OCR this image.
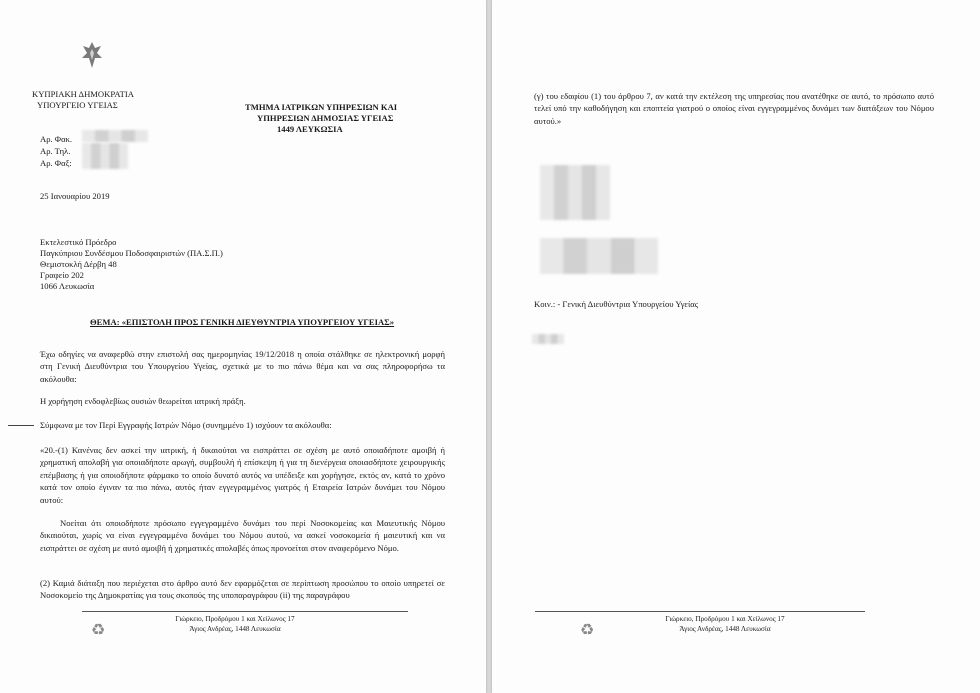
ΚΥΠΡΙΑΚΗ ΔΗΜΟΚΡΑΤΙΑ
ΥΠΟΥΡΓΕΙΟ ΥΓΕΙΑΣ	ΤΜΗΜΑ ΙΑΤΡΙΚΩΝ ΥΠΗΡΕΣΙΩΝ ΚΑΙ
ΥΠΗΡΕΣΙΩΝ ΔΗΜΟΣΙΑΣ ΥΓΕΙΑΣ
1449 ΛΕΥΚΩΣΙΑ
Αρ. Φακ.
Αρ. Τηλ.
Αρ. Φαξ:
25 Ιανουαρίου 2019
Εκτελεστικό Πρόεδρο
Παγκύπριου Συνδέσμου Ποδοσφαιριστών (ΠΑ.Σ.Π.)
Θεμιστοκλή Δέρβη 48
Γραφείο 202
1066 Λευκωσία
ΘΕΜΑ: «ΕΠΙΣΤΟΛΗ ΠΡΟΣ ΓΕΝΙΚΗ ΔΙΕΥΘΥΝΤΡΙΑ ΥΠΟΥΡΓΕΙΟΥ ΥΓΕΙΑΣ»
Έχω οδηγίες να αναφερθώ στην επιστολή σας ημερομηνίας 19/12/2018 η οποία στάλθηκε σε ηλεκτρονική μορφή στη Γενική Διευθύντρια του Υπουργείου Υγείας, σχετικά με το πιο πάνω θέμα και να σας πληροφορήσω τα ακόλουθα:
Η χορήγηση ενδοφλεβίως ουσιών θεωρείται ιατρική πράξη.
Σύμφωνα με τον Περί Εγγραφής Ιατρών Νόμο (συνημμένο 1) ισχύουν τα ακόλουθα:
«20.-(1) Κανένας δεν ασκεί την ιατρική, ή δικαιούται να εισπράττει σε σχέση με αυτό οποιαδήποτε αμοιβή ή χρηματική απολαβή για οποιαδήποτε αρωγή, συμβουλή ή επίσκεψη ή για τη διενέργεια οποιασδήποτε χειρουργικής επέμβασης ή για οποιοδήποτε φάρμακο το οποίο δυνατό αυτός να υπέδειξε και χορήγησε, εκτός αν, κατά το χρόνο κατά τον οποίο έγιναν τα πιο πάνω, αυτός ήταν εγγεγραμμένος γιατρός ή Εταιρεία Ιατρών δυνάμει του Νόμου αυτού:
Νοείται ότι οποιοδήποτε πρόσωπο εγγεγραμμένο δυνάμει του περί Νοσοκομείας και Μαιευτικής Νόμου δικαιούται, χωρίς να είναι εγγεγραμμένο δυνάμει του Νόμου αυτού, να ασκεί νοσοκομεία ή μαιευτική και να εισπράττει σε σχέση με αυτό αμοιβή ή χρηματικές απολαβές όπως προνοείται στον αναφερόμενο Νόμο.
(2) Καμιά διάταξη που περιέχεται στο άρθρο αυτό δεν εφαρμόζεται σε περίπτωση προσώπου το οποίο υπηρετεί σε Νοσοκομείο της Δημοκρατίας για τους σκοπούς της υποπαραγράφου (ii) της παραγράφου
♻
Γιώρκειο, Προδρόμου 1 και Χείλωνος 17
Άγιος Ανδρέας, 1448 Λευκωσία
(γ) του εδαφίου (1) του άρθρου 7, αν κατά την εκτέλεση της υπηρεσίας που ανατέθηκε σε αυτό, το πρόσωπο αυτό τελεί υπό την καθοδήγηση και εποπτεία γιατρού ο οποίος είναι εγγεγραμμένος δυνάμει των διατάξεων του Νόμου αυτού.»
Κοιν.: - Γενική Διευθύντρια Υπουργείου Υγείας
♻
Γιώρκειο, Προδρόμου 1 και Χείλωνος 17
Άγιος Ανδρέας, 1448 Λευκωσία
